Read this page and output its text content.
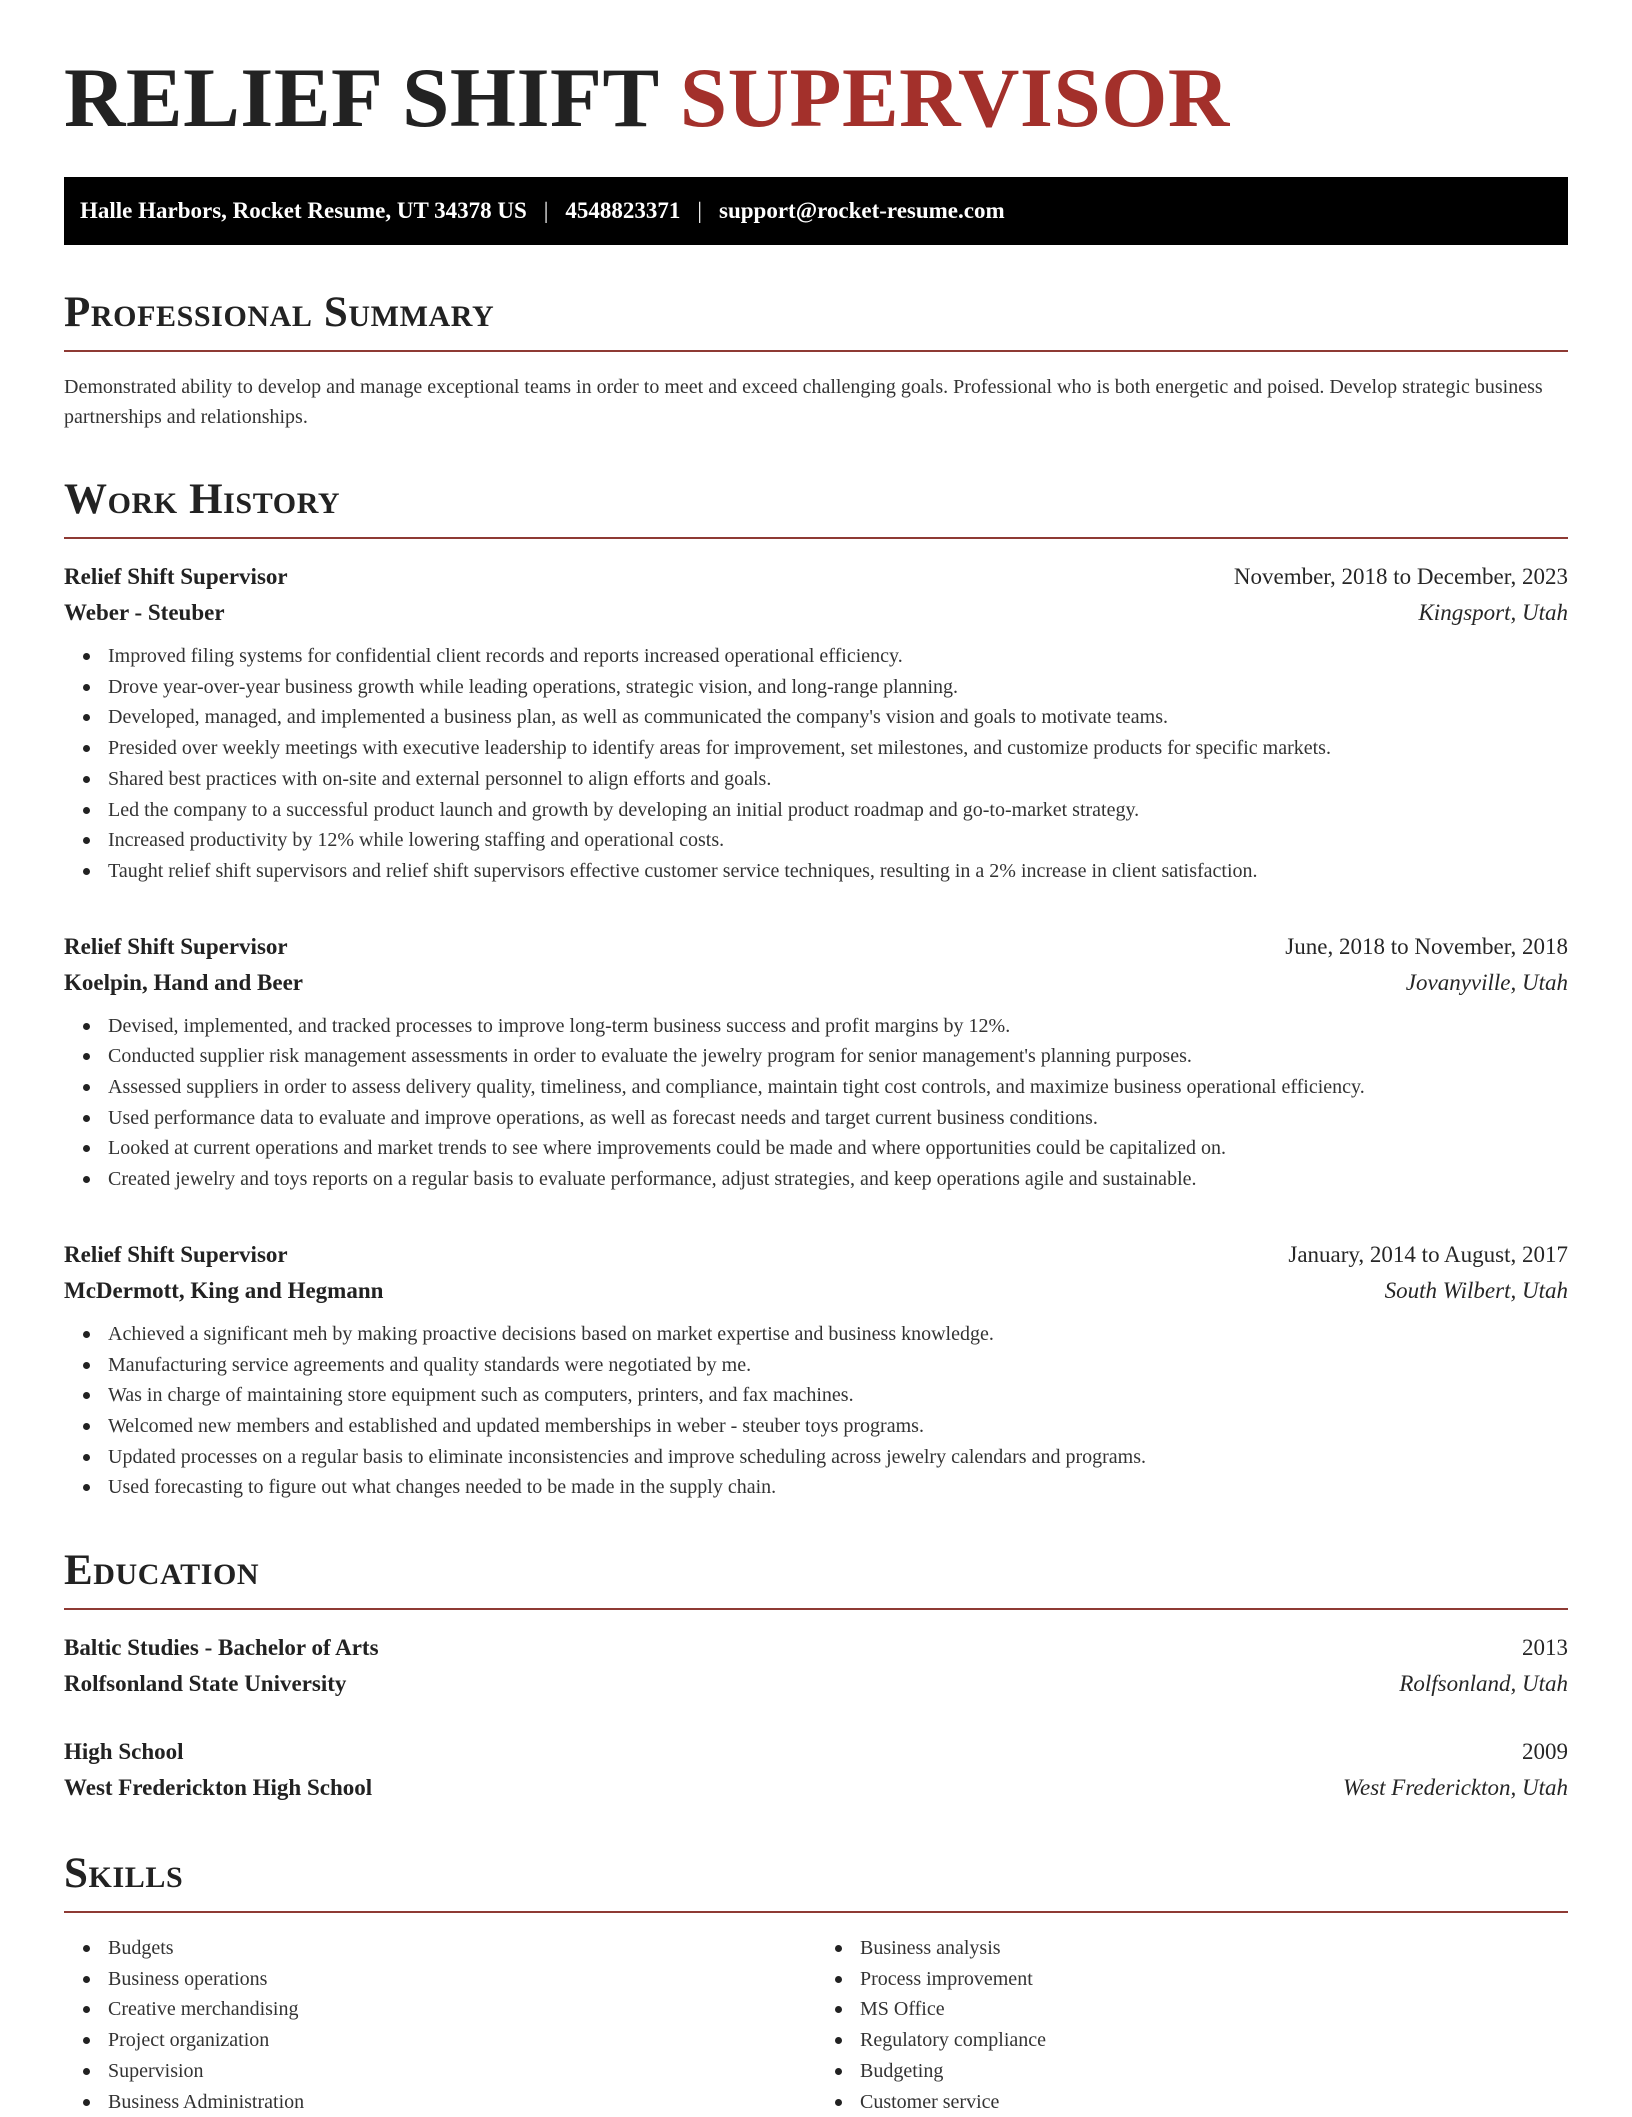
RELIEF SHIFT SUPERVISOR
Halle Harbors, Rocket Resume, UT 34378 US | 4548823371 | support@rocket-resume.com
Professional Summary

Demonstrated ability to develop and manage exceptional teams in order to meet and exceed challenging goals. Professional who is both energetic and poised. Develop strategic business partnerships and relationships.

Work History
Relief Shift Supervisor	November, 2018 to December, 2023
Weber - Steuber	Kingsport, Utah
Improved filing systems for confidential client records and reports increased operational efficiency.
Drove year-over-year business growth while leading operations, strategic vision, and long-range planning.
Developed, managed, and implemented a business plan, as well as communicated the company's vision and goals to motivate teams.
Presided over weekly meetings with executive leadership to identify areas for improvement, set milestones, and customize products for specific markets.
Shared best practices with on-site and external personnel to align efforts and goals.
Led the company to a successful product launch and growth by developing an initial product roadmap and go-to-market strategy.
Increased productivity by 12% while lowering staffing and operational costs.
Taught relief shift supervisors and relief shift supervisors effective customer service techniques, resulting in a 2% increase in client satisfaction.
Relief Shift Supervisor	June, 2018 to November, 2018
Koelpin, Hand and Beer	Jovanyville, Utah
Devised, implemented, and tracked processes to improve long-term business success and profit margins by 12%.
Conducted supplier risk management assessments in order to evaluate the jewelry program for senior management's planning purposes.
Assessed suppliers in order to assess delivery quality, timeliness, and compliance, maintain tight cost controls, and maximize business operational efficiency.
Used performance data to evaluate and improve operations, as well as forecast needs and target current business conditions.
Looked at current operations and market trends to see where improvements could be made and where opportunities could be capitalized on.
Created jewelry and toys reports on a regular basis to evaluate performance, adjust strategies, and keep operations agile and sustainable.
Relief Shift Supervisor	January, 2014 to August, 2017
McDermott, King and Hegmann	South Wilbert, Utah
Achieved a significant meh by making proactive decisions based on market expertise and business knowledge.
Manufacturing service agreements and quality standards were negotiated by me.
Was in charge of maintaining store equipment such as computers, printers, and fax machines.
Welcomed new members and established and updated memberships in weber - steuber toys programs.
Updated processes on a regular basis to eliminate inconsistencies and improve scheduling across jewelry calendars and programs.
Used forecasting to figure out what changes needed to be made in the supply chain.
Education
Baltic Studies - Bachelor of Arts	2013
Rolfsonland State University	Rolfsonland, Utah
High School	2009
West Frederickton High School	West Frederickton, Utah
Skills
Budgets
Business operations
Creative merchandising
Project organization
Supervision
Business Administration
Business analysis
Process improvement
MS Office
Regulatory compliance
Budgeting
Customer service
